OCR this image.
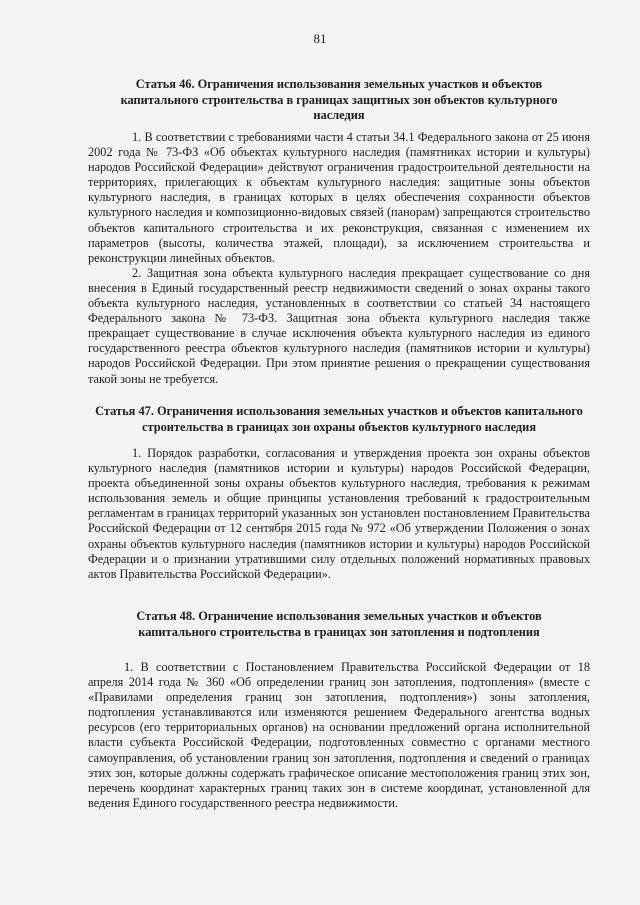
81
Статья 46. Ограничения использования земельных участков и объектов капитального строительства в границах защитных зон объектов культурного наследия

1. В соответствии с требованиями части 4 статьи 34.1 Федерального закона от 25 июня 2002 года № 73-ФЗ «Об объектах культурного наследия (памятниках истории и культуры) народов Российской Федерации» действуют ограничения градостроительной деятельности на территориях, прилегающих к объектам культурного наследия: защитные зоны объектов культурного наследия, в границах которых в целях обеспечения сохранности объектов культурного наследия и композиционно-видовых связей (панорам) запрещаются строительство объектов капитального строительства и их реконструкция, связанная с изменением их параметров (высоты, количества этажей, площади), за исключением строительства и реконструкции линейных объектов.

2. Защитная зона объекта культурного наследия прекращает существование со дня внесения в Единый государственный реестр недвижимости сведений о зонах охраны такого объекта культурного наследия, установленных в соответствии со статьей 34 настоящего Федерального закона № 73-ФЗ. Защитная зона объекта культурного наследия также прекращает существование в случае исключения объекта культурного наследия из единого государственного реестра объектов культурного наследия (памятников истории и культуры) народов Российской Федерации. При этом принятие решения о прекращении существования такой зоны не требуется.

Статья 47. Ограничения использования земельных участков и объектов капитального строительства в границах зон охраны объектов культурного наследия

1. Порядок разработки, согласования и утверждения проекта зон охраны объектов культурного наследия (памятников истории и культуры) народов Российской Федерации, проекта объединенной зоны охраны объектов культурного наследия, требования к режимам использования земель и общие принципы установления требований к градостроительным регламентам в границах территорий указанных зон установлен постановлением Правительства Российской Федерации от 12 сентября 2015 года № 972 «Об утверждении Положения о зонах охраны объектов культурного наследия (памятников истории и культуры) народов Российской Федерации и о признании утратившими силу отдельных положений нормативных правовых актов Правительства Российской Федерации».

Статья 48. Ограничение использования земельных участков и объектов капитального строительства в границах зон затопления и подтопления

1. В соответствии с Постановлением Правительства Российской Федерации от 18 апреля 2014 года № 360 «Об определении границ зон затопления, подтопления» (вместе с «Правилами определения границ зон затопления, подтопления») зоны затопления, подтопления устанавливаются или изменяются решением Федерального агентства водных ресурсов (его территориальных органов) на основании предложений органа исполнительной власти субъекта Российской Федерации, подготовленных совместно с органами местного самоуправления, об установлении границ зон затопления, подтопления и сведений о границах этих зон, которые должны содержать графическое описание местоположения границ этих зон, перечень координат характерных границ таких зон в системе координат, установленной для ведения Единого государственного реестра недвижимости.
